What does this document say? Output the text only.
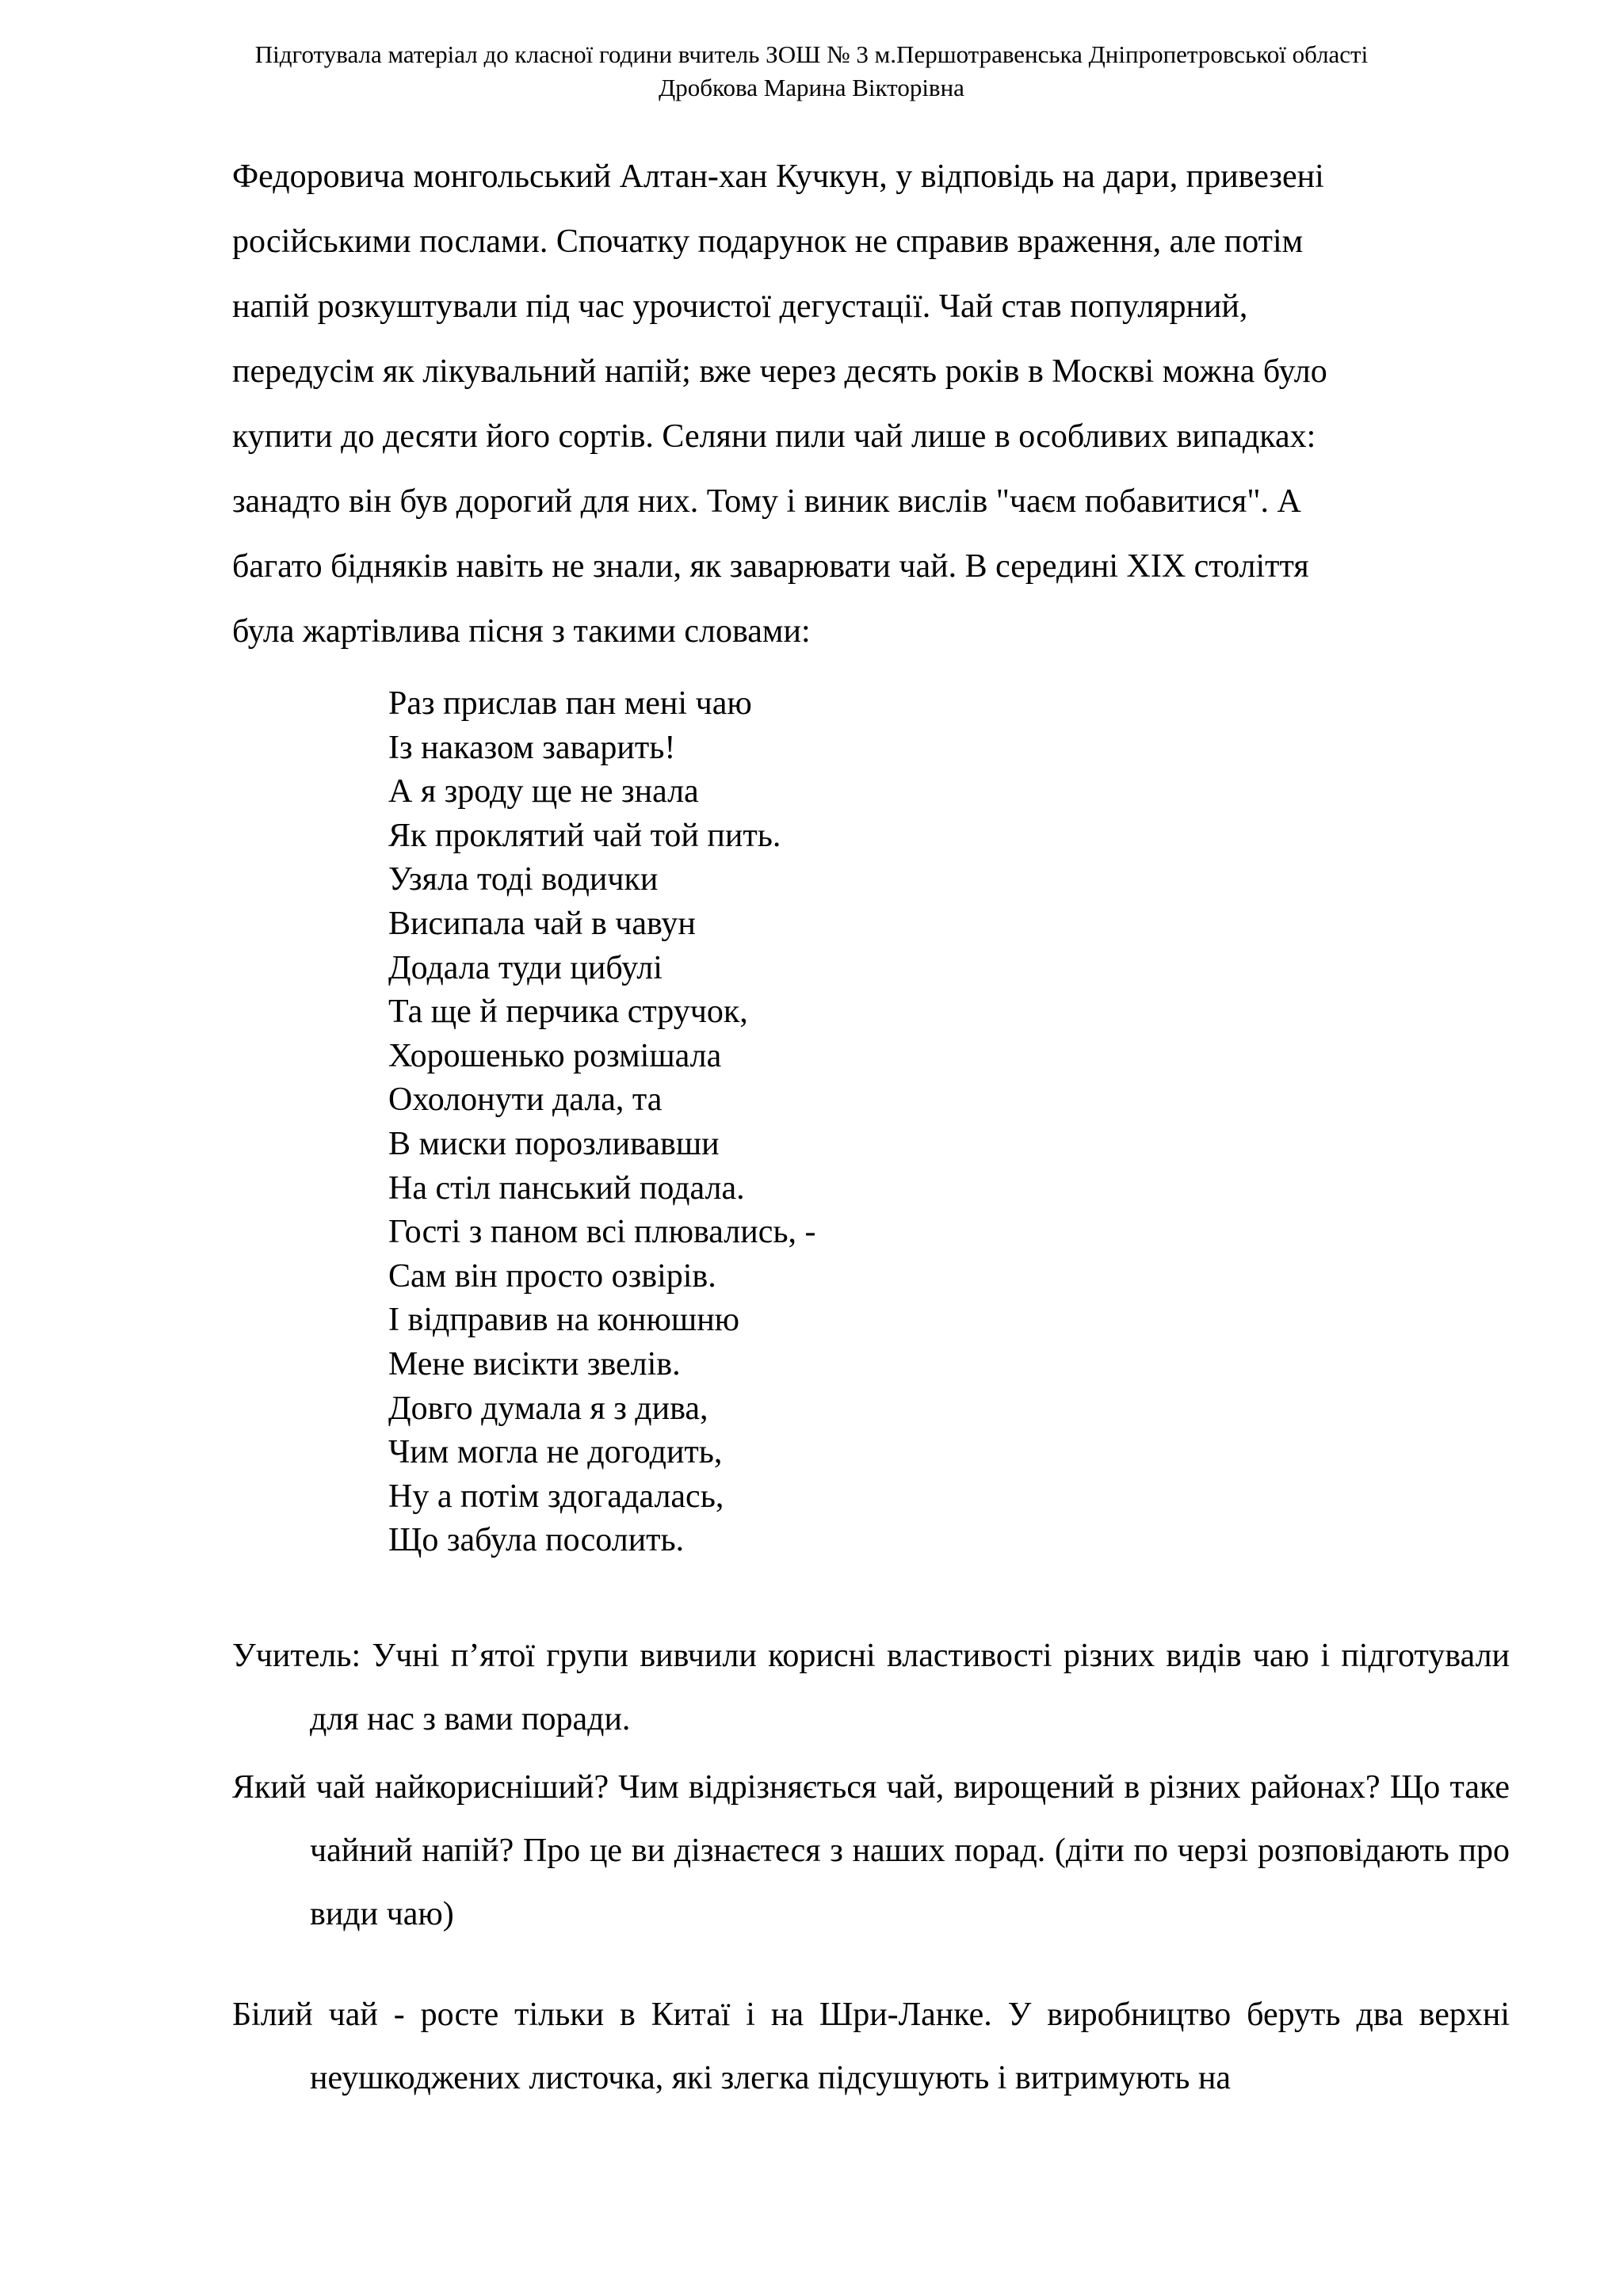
Підготувала матеріал до класної години вчитель ЗОШ № 3 м.Першотравенська Дніпропетровської області
Дробкова Марина Вікторівна

Федоровича монгольський Алтан-хан Кучкун, у відповідь на дари, привезені

російськими послами. Спочатку подарунок не справив враження, але потім

напій розкуштували під час урочистої дегустації. Чай став популярний,

передусім як лікувальний напій; вже через десять років в Москві можна було

купити до десяти його сортів. Селяни пили чай лише в особливих випадках:

занадто він був дорогий для них. Тому і виник вислів "чаєм побавитися". А

багато бідняків навіть не знали, як заварювати чай. В середині XIX століття

була жартівлива пісня з такими словами:

Раз прислав пан мені чаю
Із наказом заварить!
А я зроду ще не знала
Як проклятий чай той пить.
Узяла тоді водички
Висипала чай в чавун
Додала туди цибулі
Та ще й перчика стручок,
Хорошенько розмішала
Охолонути дала, та
В миски порозливавши
На стіл панський подала.
Гості з паном всі плювались, -
Сам він просто озвірів.
І відправив на конюшню
Мене висікти звелів.
Довго думала я з дива,
Чим могла не догодить,
Ну а потім здогадалась,
Що забула посолить.

Учитель: Учні п’ятої групи вивчили корисні властивості різних видів чаю і підготували для нас з вами поради.

Який чай найкорисніший? Чим відрізняється чай, вирощений в різних районах? Що таке чайний напій? Про це ви дізнаєтеся з наших порад. (діти по черзі розповідають про види чаю)

Білий чай - росте тільки в Китаї і на Шри-Ланке. У виробництво беруть два верхні неушкоджених листочка, які злегка підсушують і витримують на
